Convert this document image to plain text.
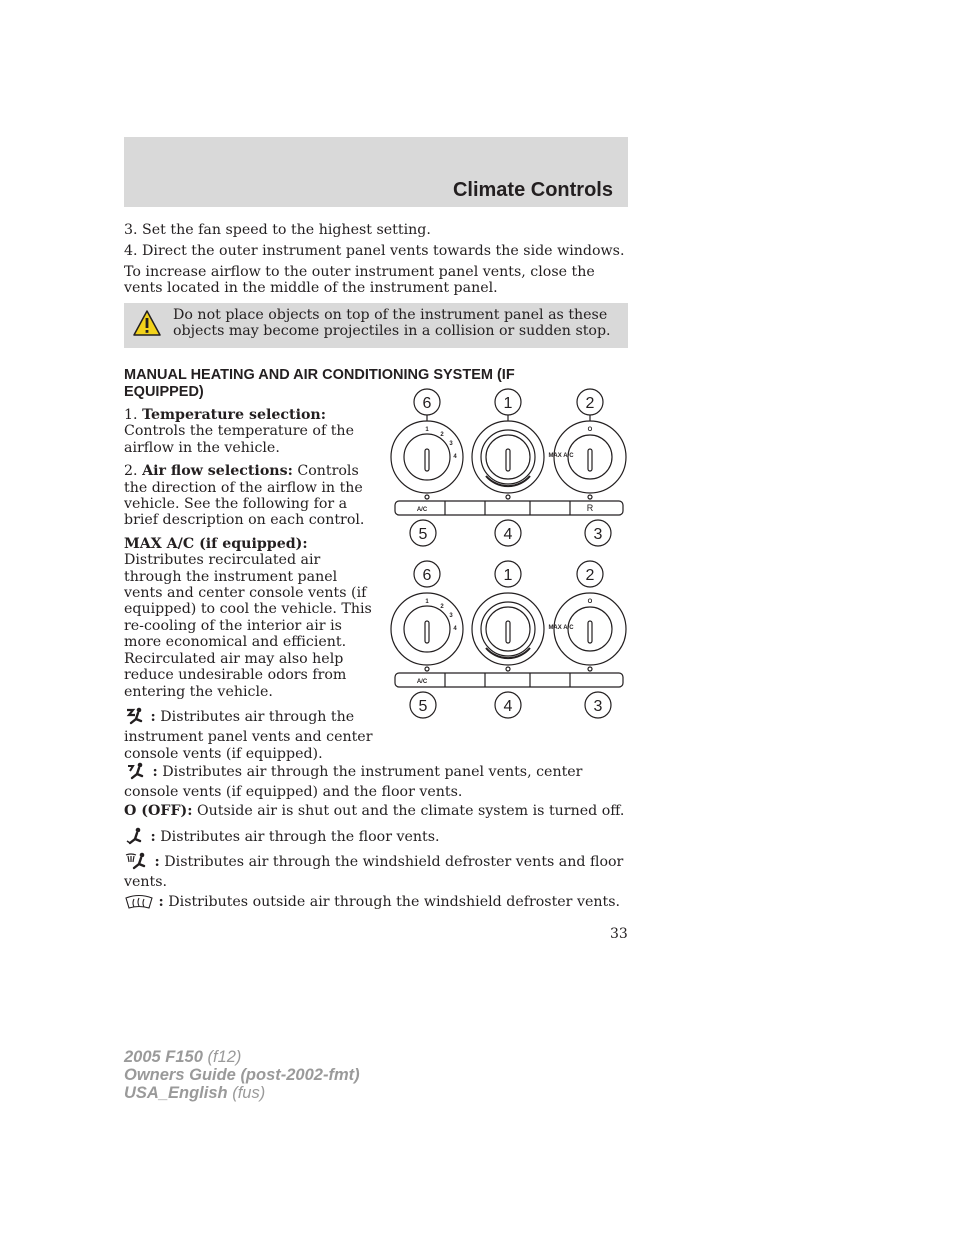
Climate Controls

3. Set the fan speed to the highest setting.

4. Direct the outer instrument panel vents towards the side windows.

To increase airflow to the outer instrument panel vents, close the vents located in the middle of the instrument panel.

Do not place objects on top of the instrument panel as these objects may become projectiles in a collision or sudden stop.
MANUAL HEATING AND AIR CONDITIONING SYSTEM (IF EQUIPPED)

1. Temperature selection: Controls the temperature of the airflow in the vehicle.

2. Air flow selections: Controls the direction of the airflow in the vehicle. See the following for a brief description on each control.

MAX A/C (if equipped):
Distributes recirculated air through the instrument panel vents and center console vents (if equipped) to cool the vehicle. This re-cooling of the interior air is more economical and efficient. Recirculated air may also help reduce undesirable odors from entering the vehicle.

: Distributes air through the instrument panel vents and center console vents (if equipped).

6	1	2
5	4	3
1
2
3
4
O
MAX A/C
A/C	R
6	1	2
5	4	3
1
2
3
4
O
MAX A/C
A/C

: Distributes air through the instrument panel vents, center console vents (if equipped) and the floor vents.

O (OFF): Outside air is shut out and the climate system is turned off.

: Distributes air through the floor vents.

: Distributes air through the windshield defroster vents and floor vents.

: Distributes outside air through the windshield defroster vents.

33
2005 F150 (f12)
Owners Guide (post-2002-fmt)
USA_English (fus)
